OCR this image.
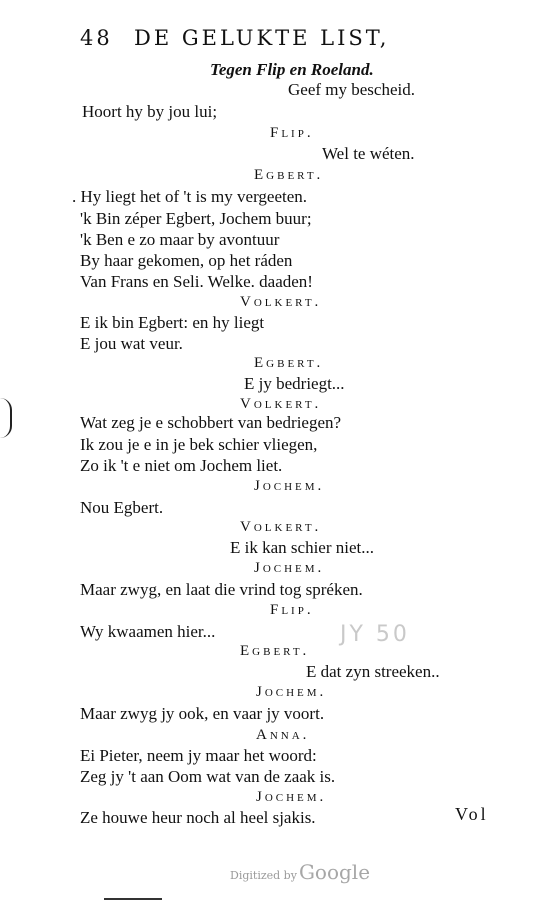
48 DE GELUKTE LIST,
Tegen Flip en Roeland.
Geef my bescheid.
Hoort hy by jou lui;
Flip.
Wel te wéten.
Egbert.
. Hy liegt het of 't is my vergeeten.
'k Bin zéper Egbert, Jochem buur;
'k Ben e zo maar by avontuur
By haar gekomen, op het ráden
Van Frans en Seli. Welke. daaden!
Volkert.
E ik bin Egbert: en hy liegt
E jou wat veur.
Egbert.
E jy bedriegt...
Volkert.
Wat zeg je e schobbert van bedriegen?
Ik zou je e in je bek schier vliegen,
Zo ik 't e niet om Jochem liet.
Jochem.
Nou Egbert.
Volkert.
E ik kan schier niet...
Jochem.
Maar zwyg, en laat die vrind tog spréken.
Flip.
Wy kwaamen hier...
Egbert.
E dat zyn streeken..
Jochem.
Maar zwyg jy ook, en vaar jy voort.
Anna.
Ei Pieter, neem jy maar het woord:
Zeg jy 't aan Oom wat van de zaak is.
Jochem.
Ze houwe heur noch al heel sjakis.	Vol
JY 50
Digitized by Google
